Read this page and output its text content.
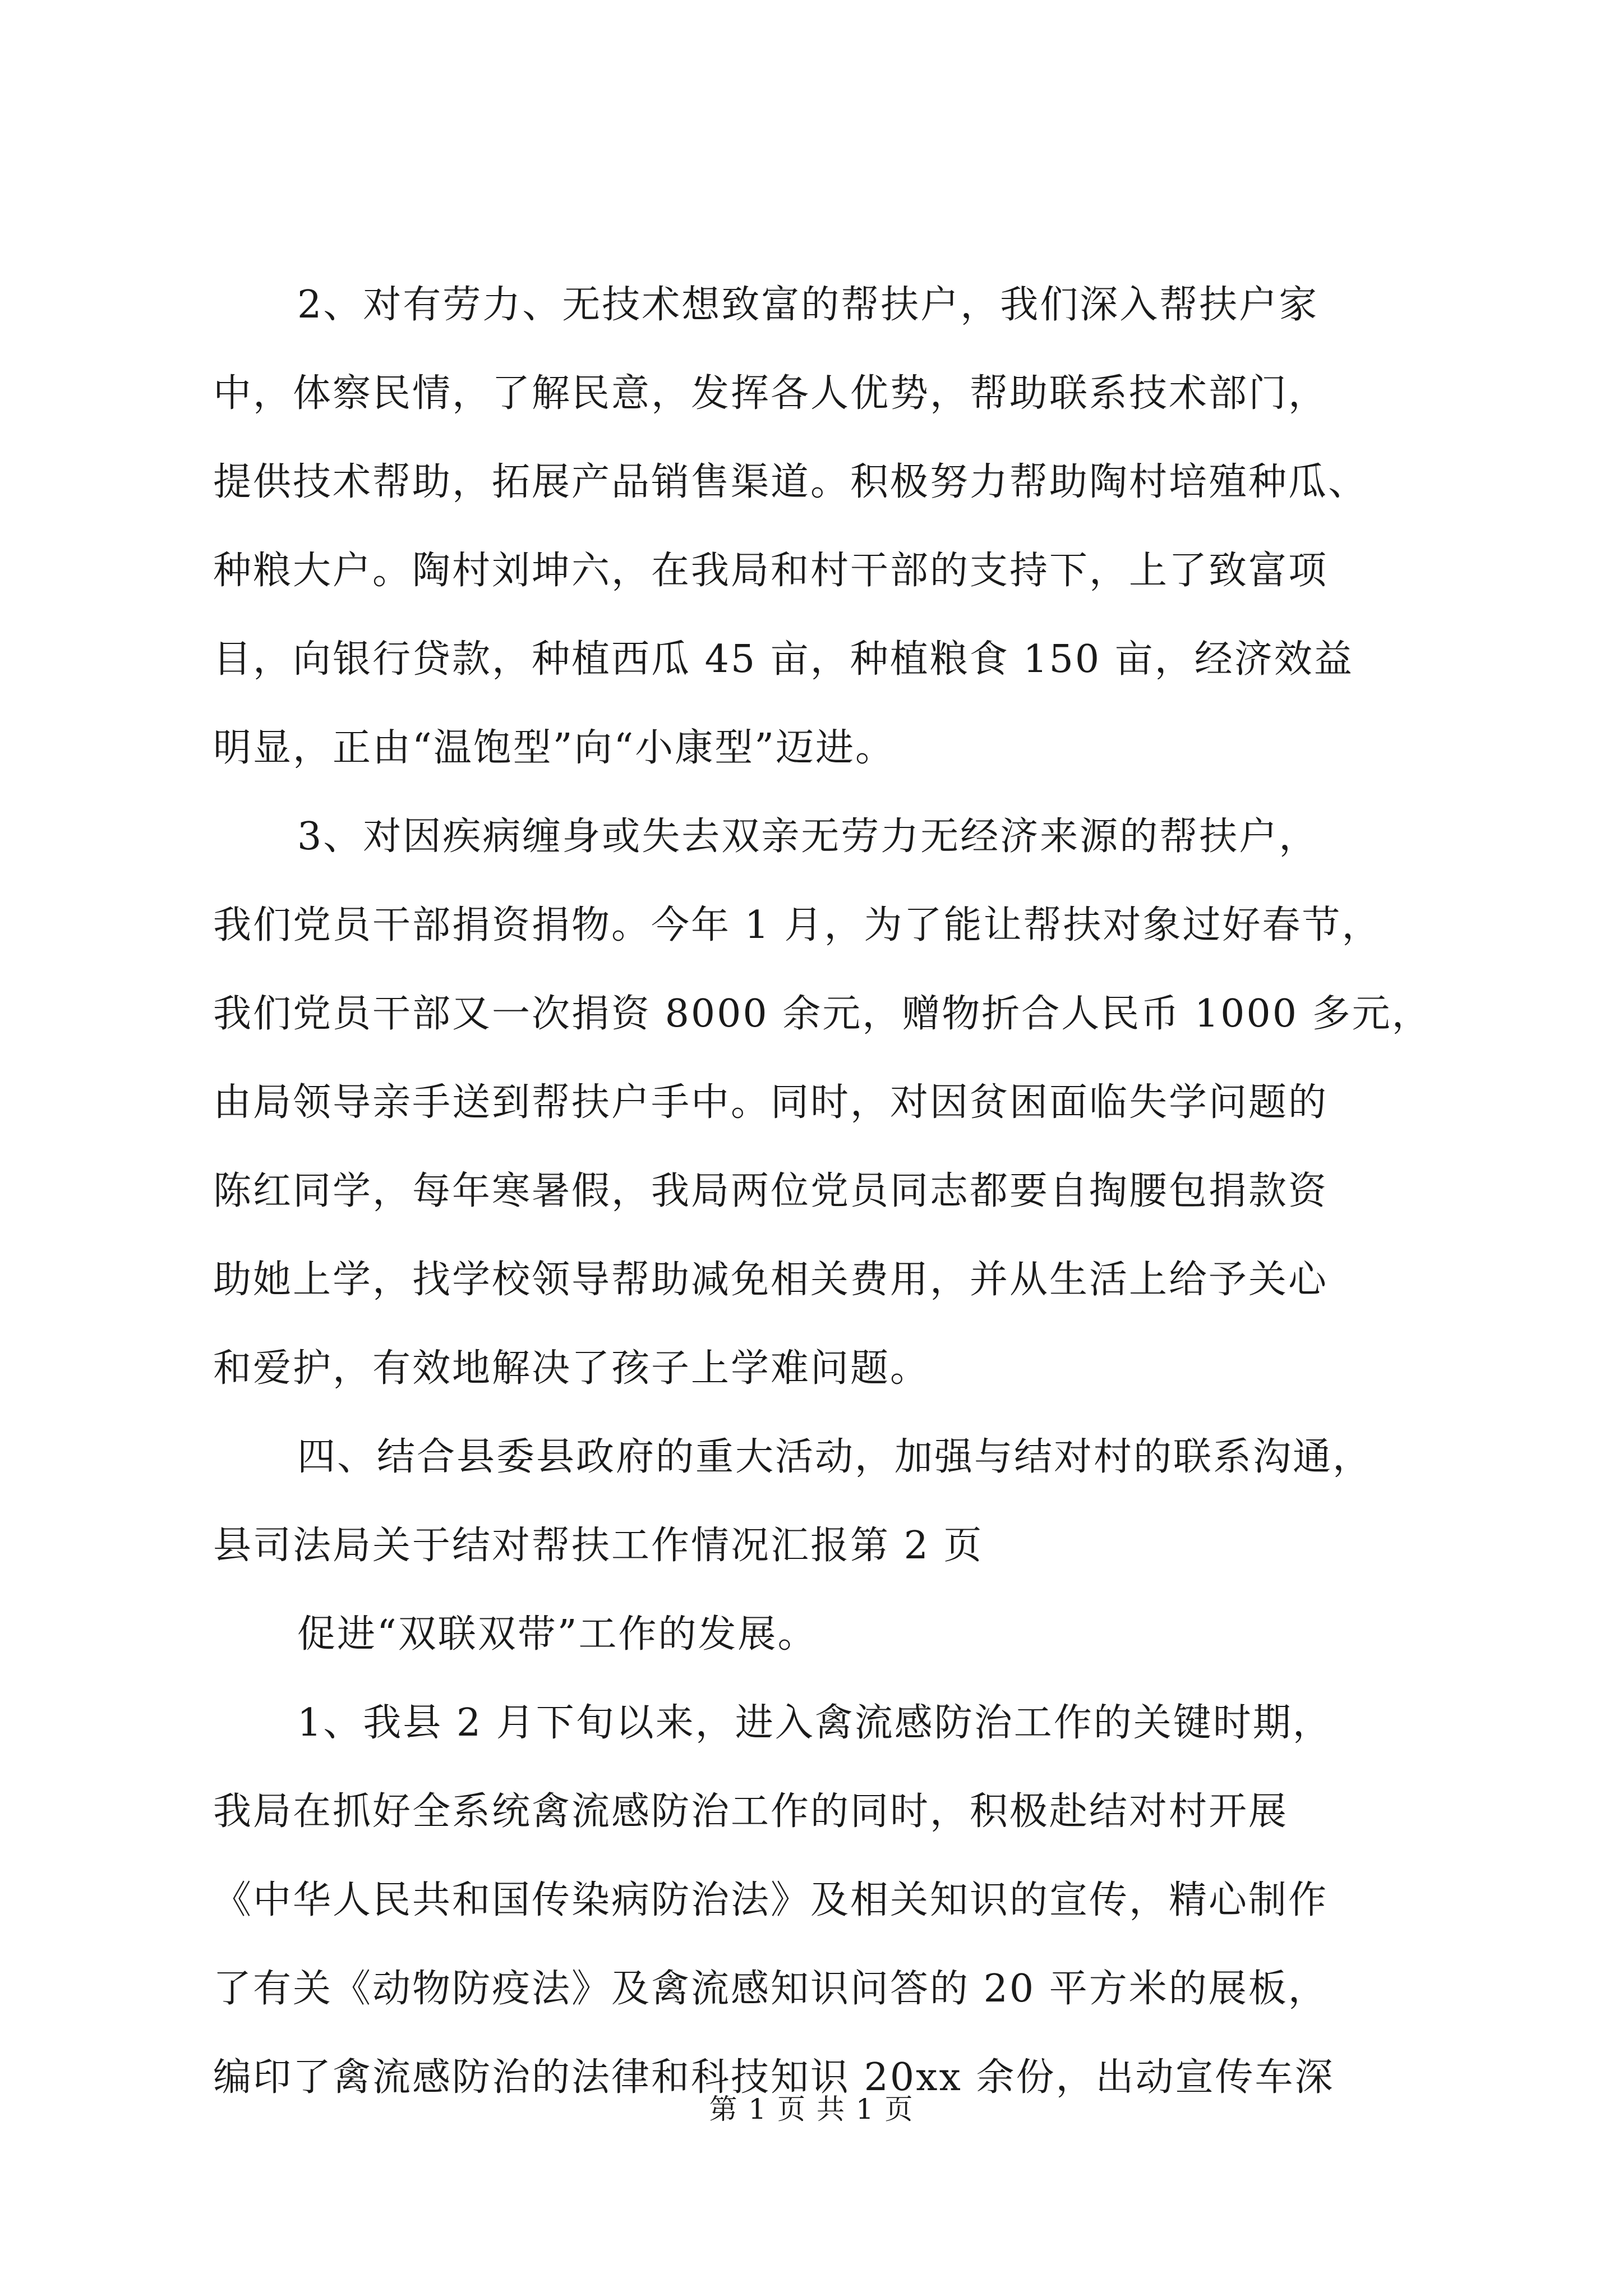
2、对有劳力、无技术想致富的帮扶户，我们深入帮扶户家
中，体察民情，了解民意，发挥各人优势，帮助联系技术部门，
提供技术帮助，拓展产品销售渠道。积极努力帮助陶村培殖种瓜、
种粮大户。陶村刘坤六，在我局和村干部的支持下，上了致富项
目，向银行贷款，种植西瓜 45 亩，种植粮食 150 亩，经济效益
明显，正由“温饱型”向“小康型”迈进。
3、对因疾病缠身或失去双亲无劳力无经济来源的帮扶户，
我们党员干部捐资捐物。今年 1 月，为了能让帮扶对象过好春节，
我们党员干部又一次捐资 8000 余元，赠物折合人民币 1000 多元，
由局领导亲手送到帮扶户手中。同时，对因贫困面临失学问题的
陈红同学，每年寒暑假，我局两位党员同志都要自掏腰包捐款资
助她上学，找学校领导帮助减免相关费用，并从生活上给予关心
和爱护，有效地解决了孩子上学难问题。
四、结合县委县政府的重大活动，加强与结对村的联系沟通，
县司法局关于结对帮扶工作情况汇报第 2 页
促进“双联双带”工作的发展。
1、我县 2 月下旬以来，进入禽流感防治工作的关键时期，
我局在抓好全系统禽流感防治工作的同时，积极赴结对村开展
《中华人民共和国传染病防治法》及相关知识的宣传，精心制作
了有关《动物防疫法》及禽流感知识问答的 20 平方米的展板，
编印了禽流感防治的法律和科技知识 20xx 余份，出动宣传车深
第 1 页 共 1 页
